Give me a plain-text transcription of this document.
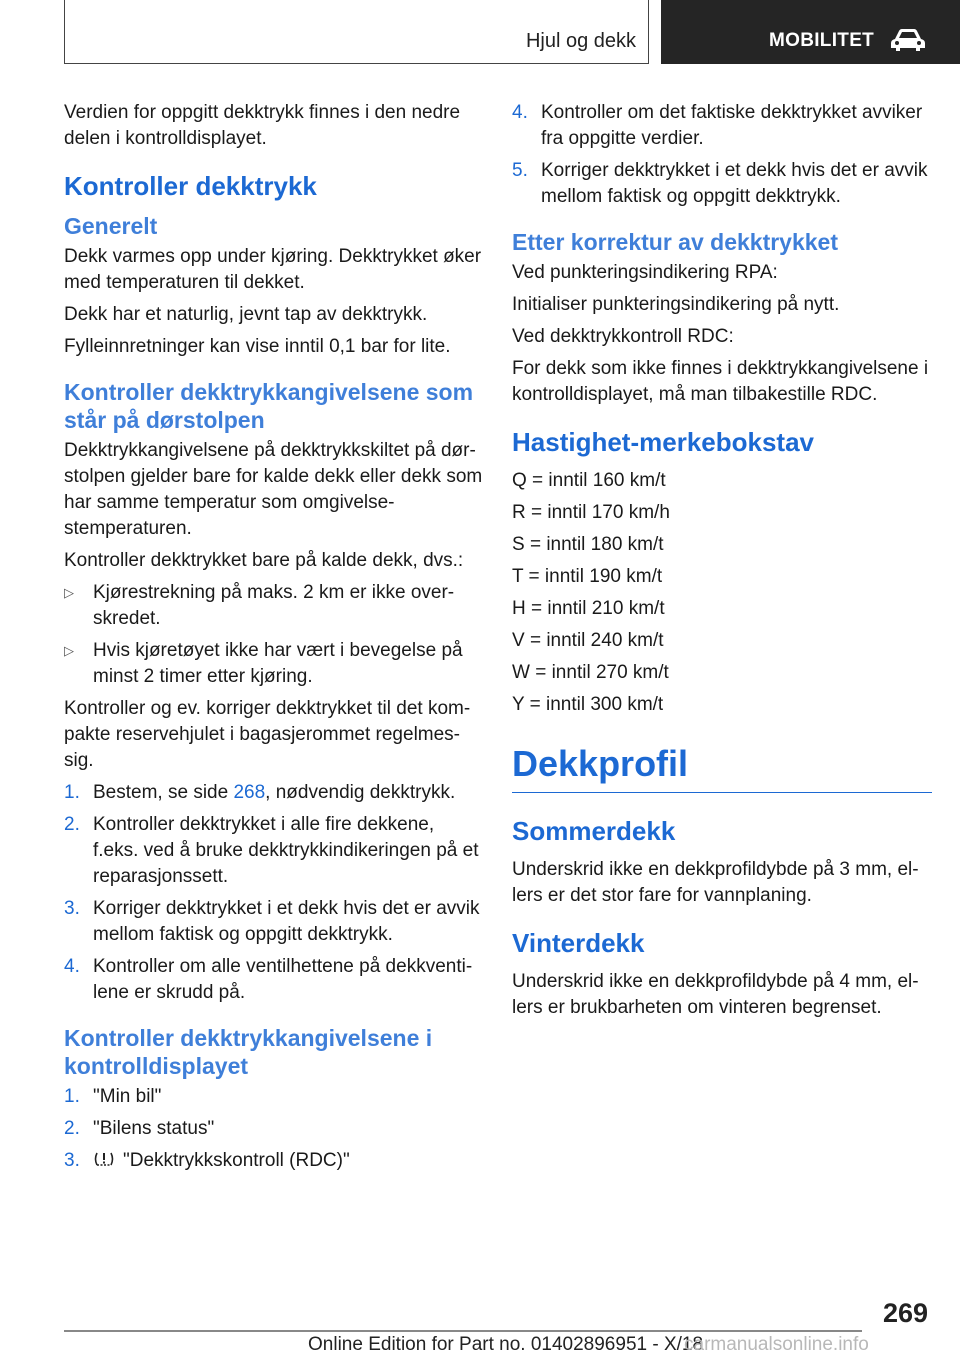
Hjul og dekk	MOBILITET

Verdien for oppgitt dekktrykk finnes i den nedre delen i kontrolldisplayet.

Kontroller dekktrykk
Generelt

Dekk varmes opp under kjøring. Dekktrykket øker med temperaturen til dekket.

Dekk har et naturlig, jevnt tap av dekktrykk.

Fylleinnretninger kan vise inntil 0,1 bar for lite.

Kontroller dekktrykkangivelsene som står på dørstolpen

Dekktrykkangivelsene på dekktrykkskiltet på dør-stolpen gjelder bare for kalde dekk eller dekk som har samme temperatur som omgivelse-stemperaturen.

Kontroller dekktrykket bare på kalde dekk, dvs.:

▷ Kjørestrekning på maks. 2 km er ikke over-skredet.
▷ Hvis kjøretøyet ikke har vært i bevegelse på minst 2 timer etter kjøring.

Kontroller og ev. korriger dekktrykket til det kom-pakte reservehjulet i bagasjerommet regelmes-sig.

1. Bestem, se side 268, nødvendig dekktrykk.
2. Kontroller dekktrykket i alle fire dekkene, f.eks. ved å bruke dekktrykkindikeringen på et reparasjonssett.
3. Korriger dekktrykket i et dekk hvis det er avvik mellom faktisk og oppgitt dekktrykk.
4. Kontroller om alle ventilhettene på dekkventi-lene er skrudd på.
Kontroller dekktrykkangivelsene i kontrolldisplayet
1. "Min bil"
2. "Bilens status"
3. "Dekktrykkskontroll (RDC)"
4. Kontroller om det faktiske dekktrykket avviker fra oppgitte verdier.
5. Korriger dekktrykket i et dekk hvis det er avvik mellom faktisk og oppgitt dekktrykk.
Etter korrektur av dekktrykket

Ved punkteringsindikering RPA:

Initialiser punkteringsindikering på nytt.

Ved dekktrykkontroll RDC:

For dekk som ikke finnes i dekktrykkangivelsene i kontrolldisplayet, må man tilbakestille RDC.

Hastighet-merkebokstav

Q = inntil 160 km/t

R = inntil 170 km/h

S = inntil 180 km/t

T = inntil 190 km/t

H = inntil 210 km/t

V = inntil 240 km/t

W = inntil 270 km/t

Y = inntil 300 km/t

Dekkprofil
Sommerdekk

Underskrid ikke en dekkprofildybde på 3 mm, el-lers er det stor fare for vannplaning.

Vinterdekk

Underskrid ikke en dekkprofildybde på 4 mm, el-lers er brukbarheten om vinteren begrenset.

269
Online Edition for Part no. 01402896951 - X/18
carmanualsonline.info
